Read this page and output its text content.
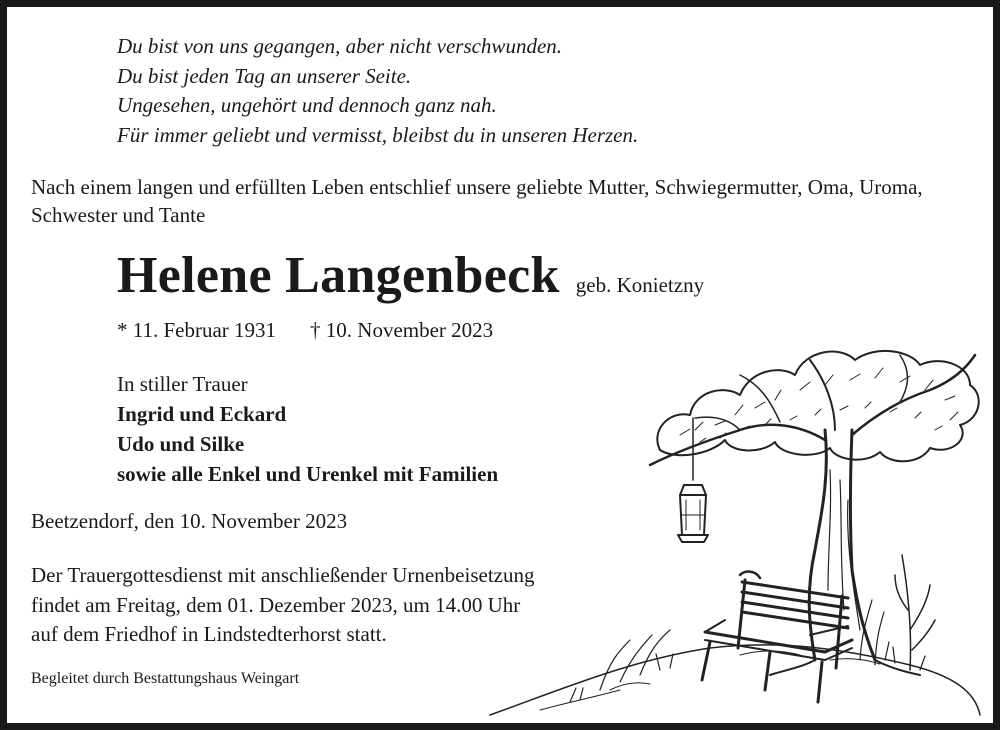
Du bist von uns gegangen, aber nicht verschwunden.
Du bist jeden Tag an unserer Seite.
Ungesehen, ungehört und dennoch ganz nah.
Für immer geliebt und vermisst, bleibst du in unseren Herzen.
Nach einem langen und erfüllten Leben entschlief unsere geliebte Mutter, Schwiegermutter, Oma, Uroma, Schwester und Tante
Helene Langenbeck geb. Konietzny
* 11. Februar 1931 † 10. November 2023
In stiller Trauer
Ingrid und Eckard
Udo und Silke
sowie alle Enkel und Urenkel mit Familien
Beetzendorf, den 10. November 2023
Der Trauergottesdienst mit anschließender Urnenbeisetzung
findet am Freitag, dem 01. Dezember 2023, um 14.00 Uhr
auf dem Friedhof in Lindstedterhorst statt.
Begleitet durch Bestattungshaus Weingart
